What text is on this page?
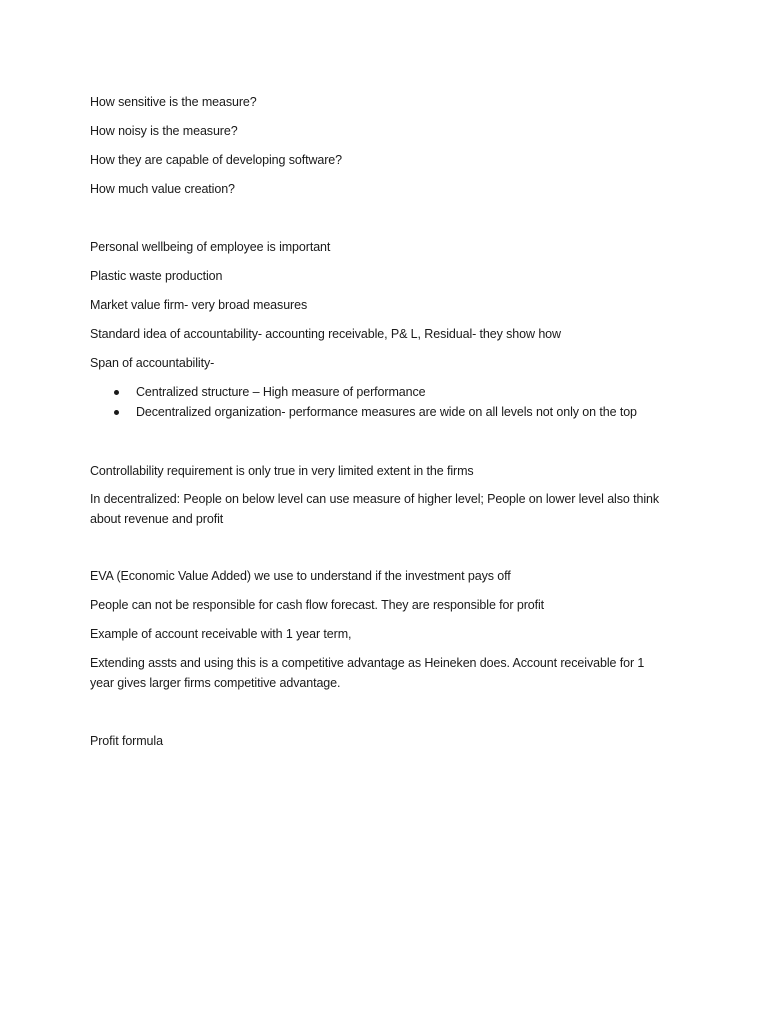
How sensitive is the measure?
How noisy is the measure?
How they are capable of developing software?
How much value creation?
Personal wellbeing of employee is important
Plastic waste production
Market value firm- very broad measures
Standard idea of accountability- accounting receivable, P& L, Residual- they show how
Span of accountability-
Centralized structure – High measure of performance
Decentralized organization- performance measures are wide on all levels not only on the top
Controllability requirement is only true in very limited extent in the firms
In decentralized: People on below level can use measure of higher level; People on lower level also think about revenue and profit
EVA (Economic Value Added) we use to understand if the investment pays off
People can not be responsible for cash flow forecast. They are responsible for profit
Example of account receivable with 1 year term,
Extending assts and using this is a competitive advantage as Heineken does. Account receivable for 1 year gives larger firms competitive advantage.
Profit formula
